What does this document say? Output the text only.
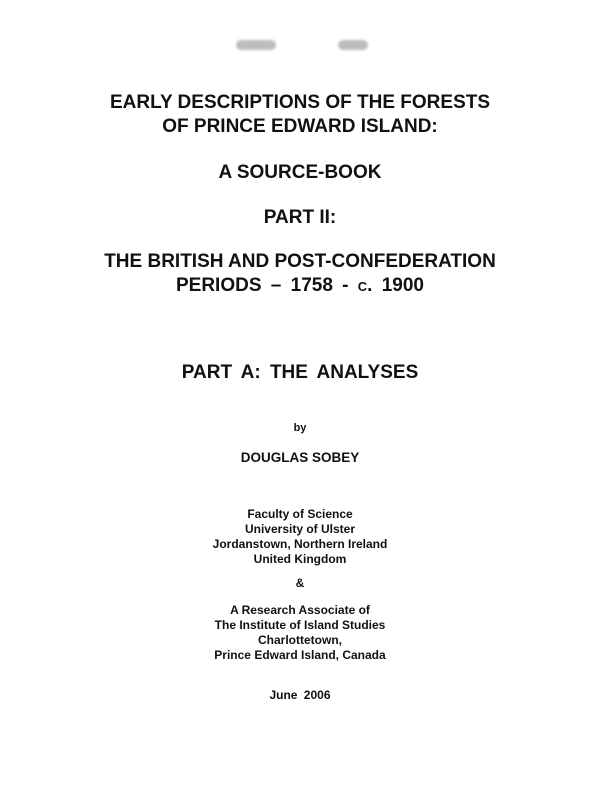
EARLY DESCRIPTIONS OF THE FORESTS
OF PRINCE EDWARD ISLAND:
A SOURCE-BOOK
PART II:
THE BRITISH AND POST-CONFEDERATION
PERIODS – 1758 - c. 1900
PART A: THE ANALYSES
by
DOUGLAS SOBEY
Faculty of Science
University of Ulster
Jordanstown, Northern Ireland
United Kingdom
&
A Research Associate of
The Institute of Island Studies
Charlottetown,
Prince Edward Island, Canada
June 2006
